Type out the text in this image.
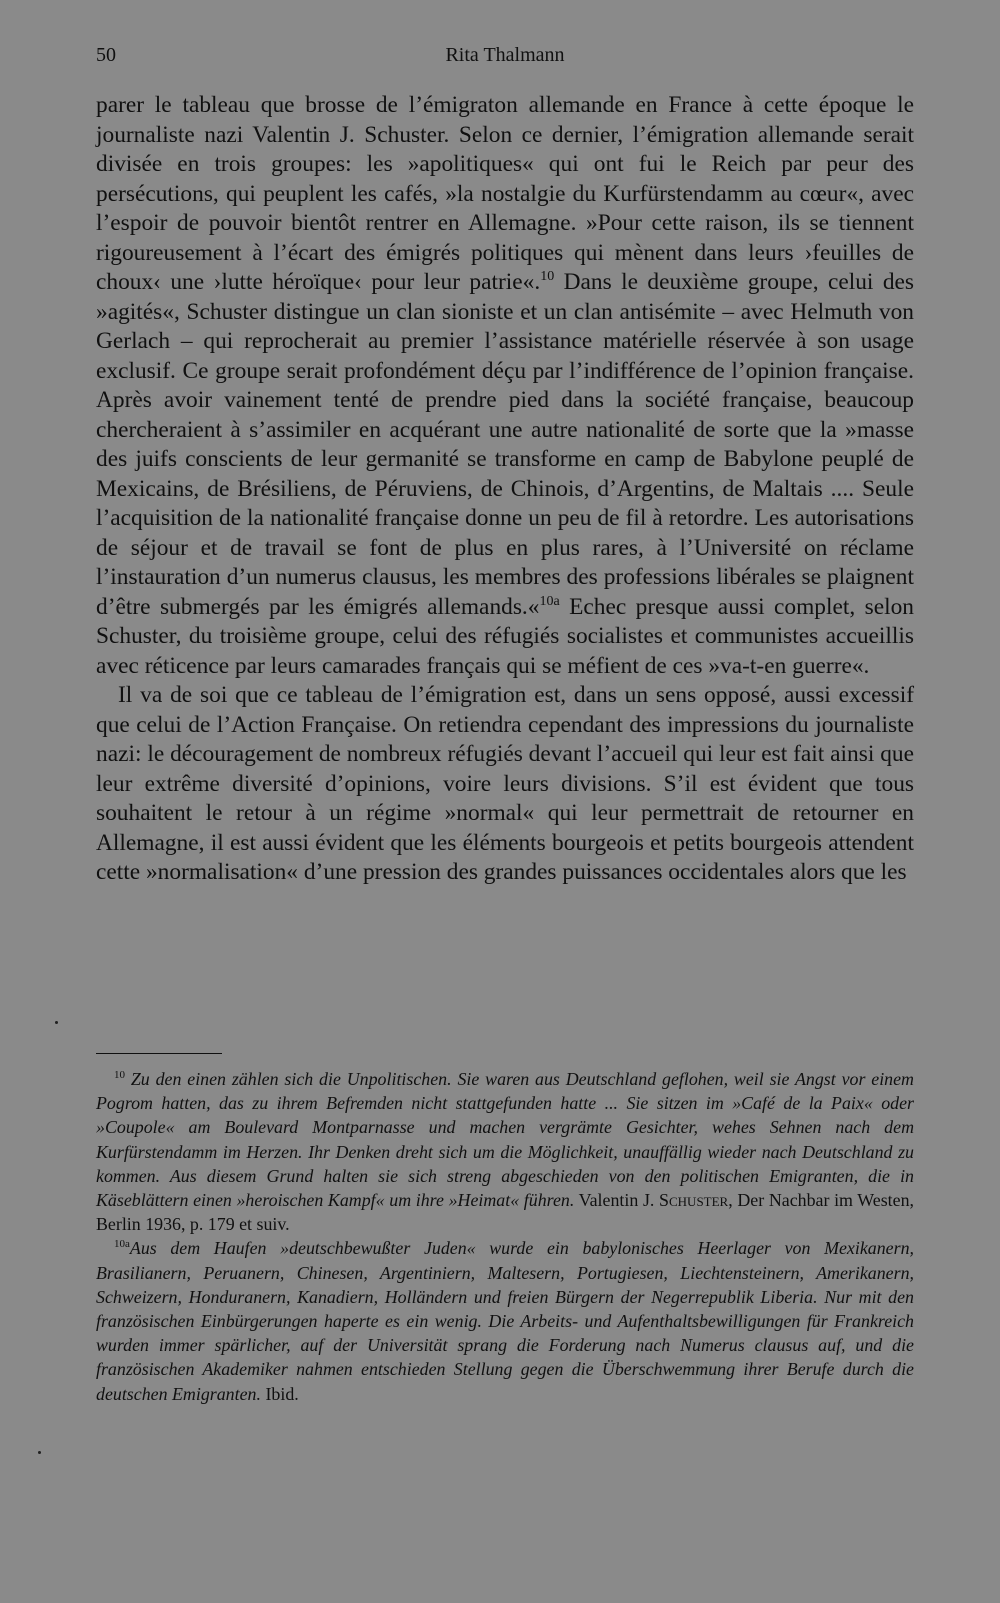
50	Rita Thalmann

parer le tableau que brosse de l’émigraton allemande en France à cette époque le journaliste nazi Valentin J. Schuster. Selon ce dernier, l’émigration allemande serait divisée en trois groupes: les »apolitiques« qui ont fui le Reich par peur des persécutions, qui peuplent les cafés, »la nostalgie du Kurfürstendamm au cœur«, avec l’espoir de pouvoir bientôt rentrer en Allemagne. »Pour cette raison, ils se tiennent rigoureusement à l’écart des émigrés politiques qui mènent dans leurs ›feuilles de choux‹ une ›lutte héroïque‹ pour leur patrie«.$^{10}$ Dans le deuxième groupe, celui des »agités«, Schuster distingue un clan sioniste et un clan antisémite – avec Helmuth von Gerlach – qui reprocherait au premier l’assistance matérielle réservée à son usage exclusif. Ce groupe serait profondément déçu par l’indifférence de l’opinion française. Après avoir vainement tenté de prendre pied dans la société française, beaucoup chercheraient à s’assimiler en acquérant une autre nationalité de sorte que la »masse des juifs conscients de leur germanité se transforme en camp de Babylone peuplé de Mexicains, de Brésiliens, de Péruviens, de Chinois, d’Argentins, de Maltais .... Seule l’acquisition de la nationalité française donne un peu de fil à retordre. Les autorisations de séjour et de travail se font de plus en plus rares, à l’Université on réclame l’instauration d’un numerus clausus, les membres des professions libérales se plaignent d’être submergés par les émigrés allemands.«$^{10a}$ Echec presque aussi complet, selon Schuster, du troisième groupe, celui des réfugiés socialistes et communistes accueillis avec réticence par leurs camarades français qui se méfient de ces »va-t-en guerre«.

Il va de soi que ce tableau de l’émigration est, dans un sens opposé, aussi excessif que celui de l’Action Française. On retiendra cependant des impressions du journaliste nazi: le découragement de nombreux réfugiés devant l’accueil qui leur est fait ainsi que leur extrême diversité d’opinions, voire leurs divisions. S’il est évident que tous souhaitent le retour à un régime »normal« qui leur permettrait de retourner en Allemagne, il est aussi évident que les éléments bourgeois et petits bourgeois attendent cette »normalisation« d’une pression des grandes puissances occidentales alors que les

$^{10}$ Zu den einen zählen sich die Unpolitischen. Sie waren aus Deutschland geflohen, weil sie Angst vor einem Pogrom hatten, das zu ihrem Befremden nicht stattgefunden hatte ... Sie sitzen im »Café de la Paix« oder »Coupole« am Boulevard Montparnasse und machen vergrämte Gesichter, wehes Sehnen nach dem Kurfürstendamm im Herzen. Ihr Denken dreht sich um die Möglichkeit, unauffällig wieder nach Deutschland zu kommen. Aus diesem Grund halten sie sich streng abgeschieden von den politischen Emigranten, die in Käseblättern einen »heroischen Kampf« um ihre »Heimat« führen. Valentin J. Schuster, Der Nachbar im Westen, Berlin 1936, p. 179 et suiv.

$^{10a}$Aus dem Haufen »deutschbewußter Juden« wurde ein babylonisches Heerlager von Mexikanern, Brasilianern, Peruanern, Chinesen, Argentiniern, Maltesern, Portugiesen, Liechtensteinern, Amerikanern, Schweizern, Honduranern, Kanadiern, Holländern und freien Bürgern der Negerrepublik Liberia. Nur mit den französischen Einbürgerungen haperte es ein wenig. Die Arbeits- und Aufenthaltsbewilligungen für Frankreich wurden immer spärlicher, auf der Universität sprang die Forderung nach Numerus clausus auf, und die französischen Akademiker nahmen entschieden Stellung gegen die Überschwemmung ihrer Berufe durch die deutschen Emigranten. Ibid.
